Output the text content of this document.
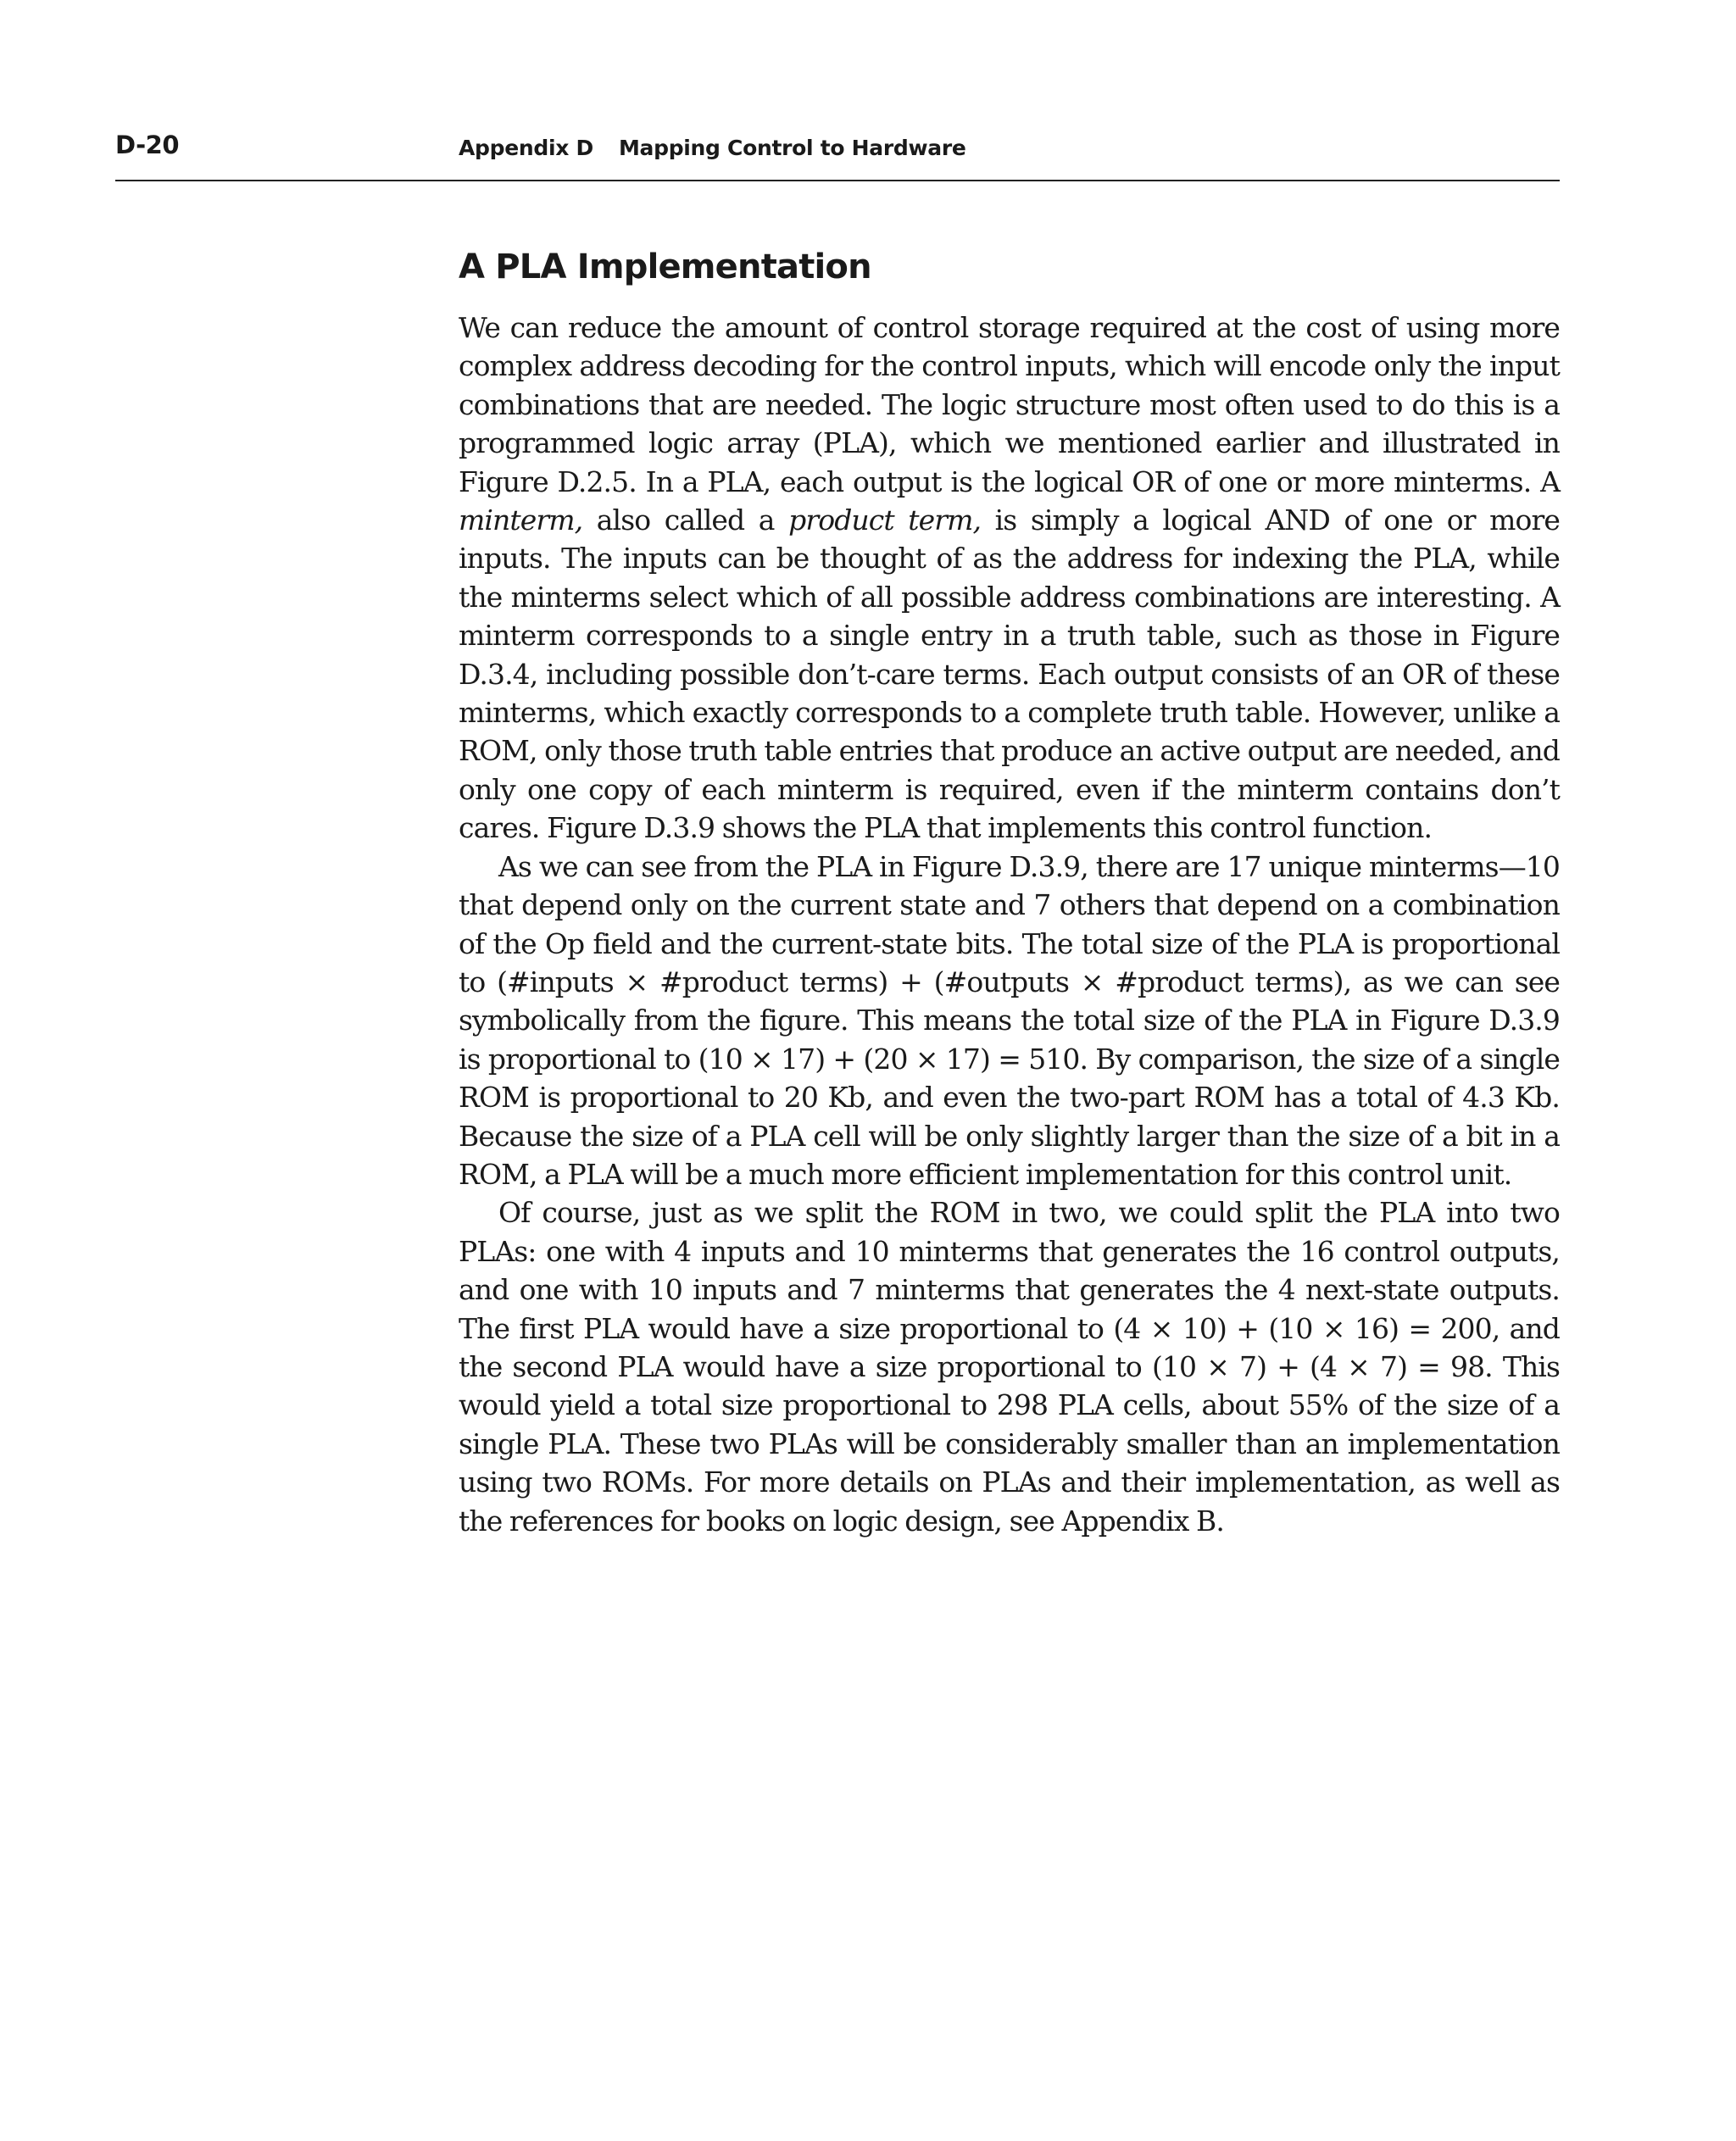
D-20	Appendix D Mapping Control to Hardware
A PLA Implementation

We can reduce the amount of control storage required at the cost of using more complex address decoding for the control inputs, which will encode only the input combinations that are needed. The logic structure most often used to do this is a programmed logic array (PLA), which we mentioned earlier and illustrated in Figure D.2.5. In a PLA, each output is the logical OR of one or more minterms. A minterm, also called a product term, is simply a logical AND of one or more inputs. The inputs can be thought of as the address for indexing the PLA, while the minterms select which of all possible address combinations are interesting. A minterm corresponds to a single entry in a truth table, such as those in Figure D.3.4, including possible don’t-care terms. Each output consists of an OR of these minterms, which exactly corresponds to a complete truth table. However, unlike a ROM, only those truth table entries that produce an active output are needed, and only one copy of each minterm is required, even if the minterm contains don’t cares. Figure D.3.9 shows the PLA that implements this control function.

As we can see from the PLA in Figure D.3.9, there are 17 unique minterms—10 that depend only on the current state and 7 others that depend on a combination of the Op field and the current-state bits. The total size of the PLA is proportional to (#inputs × #product terms) + (#outputs × #product terms), as we can see symbolically from the figure. This means the total size of the PLA in Figure D.3.9 is proportional to (10 × 17) + (20 × 17) = 510. By comparison, the size of a single ROM is proportional to 20 Kb, and even the two-part ROM has a total of 4.3 Kb. Because the size of a PLA cell will be only slightly larger than the size of a bit in a ROM, a PLA will be a much more efficient implementation for this control unit.

Of course, just as we split the ROM in two, we could split the PLA into two PLAs: one with 4 inputs and 10 minterms that generates the 16 control outputs, and one with 10 inputs and 7 minterms that generates the 4 next-state outputs. The first PLA would have a size proportional to (4 × 10) + (10 × 16) = 200, and the second PLA would have a size proportional to (10 × 7) + (4 × 7) = 98. This would yield a total size proportional to 298 PLA cells, about 55% of the size of a single PLA. These two PLAs will be considerably smaller than an implementation using two ROMs. For more details on PLAs and their implementation, as well as the references for books on logic design, see Appendix B.
